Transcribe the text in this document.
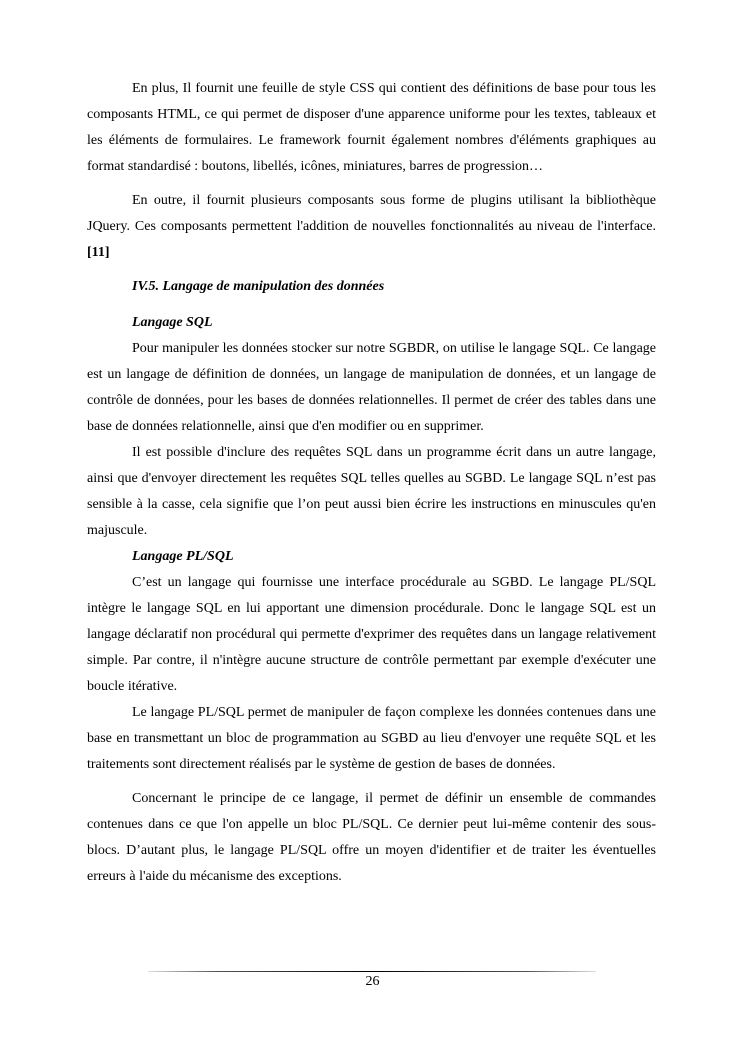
En plus, Il fournit une feuille de style CSS qui contient des définitions de base pour tous les composants HTML, ce qui permet de disposer d'une apparence uniforme pour les textes, tableaux et les éléments de formulaires. Le framework fournit également nombres d'éléments graphiques au format standardisé : boutons, libellés, icônes, miniatures, barres de progression…

En outre, il fournit plusieurs composants sous forme de plugins utilisant la bibliothèque JQuery. Ces composants permettent l'addition de nouvelles fonctionnalités au niveau de l'interface. [11]

IV.5. Langage de manipulation des données

Langage SQL

Pour manipuler les données stocker sur notre SGBDR, on utilise le langage SQL. Ce langage est un langage de définition de données, un langage de manipulation de données, et un langage de contrôle de données, pour les bases de données relationnelles. Il permet de créer des tables dans une base de données relationnelle, ainsi que d'en modifier ou en supprimer.

Il est possible d'inclure des requêtes SQL dans un programme écrit dans un autre langage, ainsi que d'envoyer directement les requêtes SQL telles quelles au SGBD. Le langage SQL n’est pas sensible à la casse, cela signifie que l’on peut aussi bien écrire les instructions en minuscules qu'en majuscule.

Langage PL/SQL

C’est un langage qui fournisse une interface procédurale au SGBD. Le langage PL/SQL intègre le langage SQL en lui apportant une dimension procédurale. Donc le langage SQL est un langage déclaratif non procédural qui permette d'exprimer des requêtes dans un langage relativement simple. Par contre, il n'intègre aucune structure de contrôle permettant par exemple d'exécuter une boucle itérative.

Le langage PL/SQL permet de manipuler de façon complexe les données contenues dans une base en transmettant un bloc de programmation au SGBD au lieu d'envoyer une requête SQL et les traitements sont directement réalisés par le système de gestion de bases de données.

Concernant le principe de ce langage, il permet de définir un ensemble de commandes contenues dans ce que l'on appelle un bloc PL/SQL. Ce dernier peut lui-même contenir des sous-blocs. D’autant plus, le langage PL/SQL offre un moyen d'identifier et de traiter les éventuelles erreurs à l'aide du mécanisme des exceptions.

26
